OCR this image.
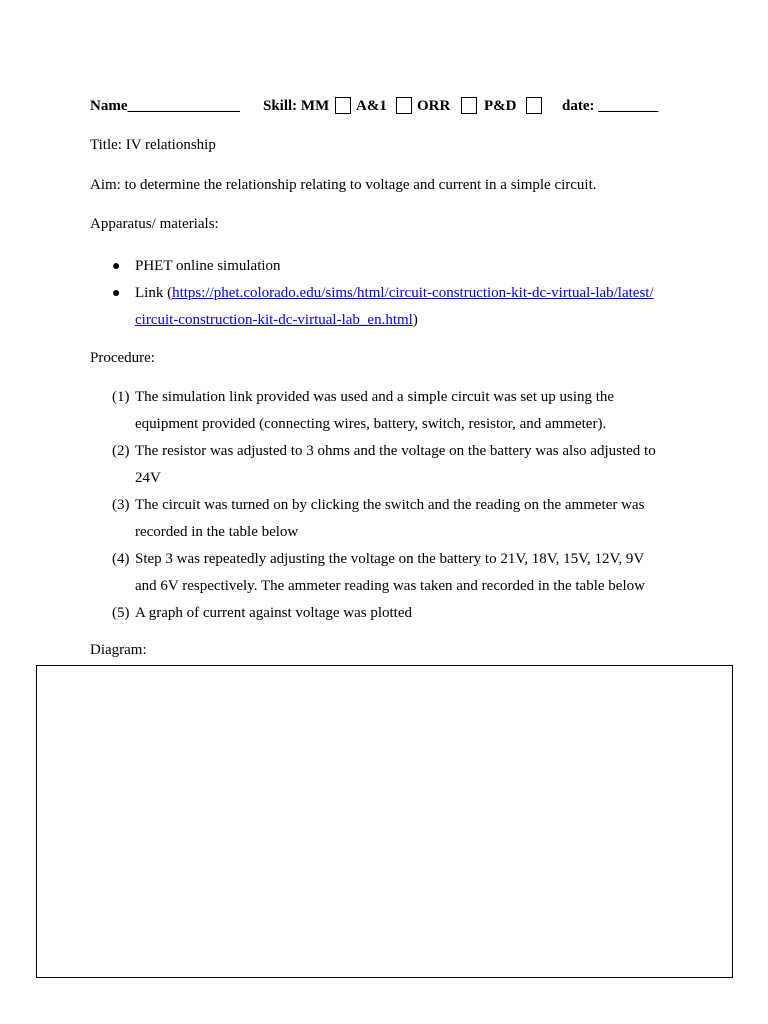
Name_______________ Skill: MM A&1 ORR P&D	date: ________
Title: IV relationship
Aim: to determine the relationship relating to voltage and current in a simple circuit.
Apparatus/ materials:
● PHET online simulation
● Link (https://phet.colorado.edu/sims/html/circuit-construction-kit-dc-virtual-lab/latest/
circuit-construction-kit-dc-virtual-lab_en.html)
Procedure:
(1) The simulation link provided was used and a simple circuit was set up using the
equipment provided (connecting wires, battery, switch, resistor, and ammeter).
(2) The resistor was adjusted to 3 ohms and the voltage on the battery was also adjusted to
24V
(3) The circuit was turned on by clicking the switch and the reading on the ammeter was
recorded in the table below
(4) Step 3 was repeatedly adjusting the voltage on the battery to 21V, 18V, 15V, 12V, 9V
and 6V respectively. The ammeter reading was taken and recorded in the table below
(5) A graph of current against voltage was plotted
Diagram:
